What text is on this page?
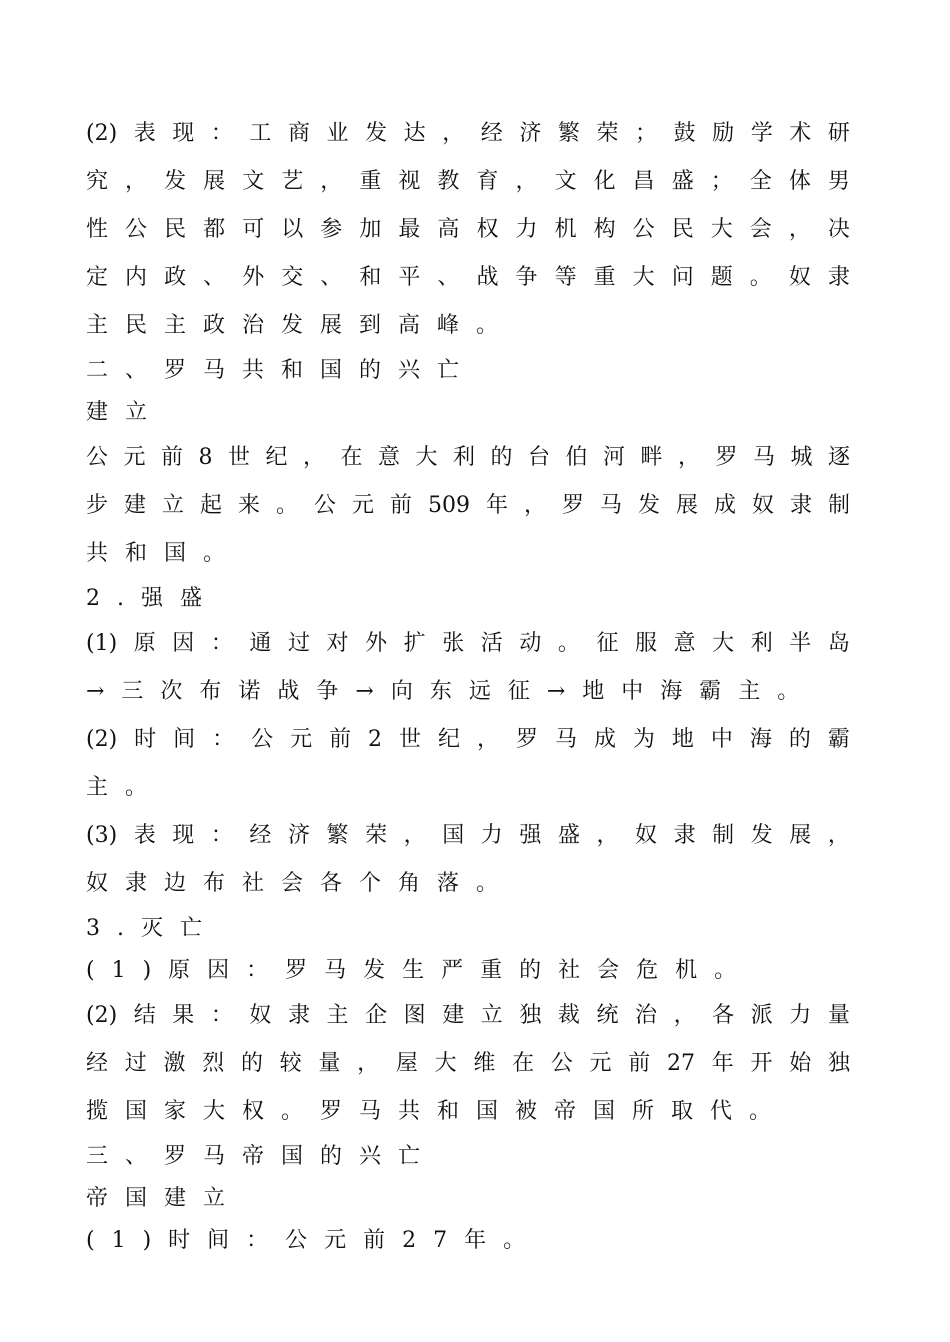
(2) 表 现 ： 工 商 业 发 达 ， 经 济 繁 荣 ； 鼓 励 学 术 研
究 ， 发 展 文 艺 ， 重 视 教 育 ， 文 化 昌 盛 ； 全 体 男
性 公 民 都 可 以 参 加 最 高 权 力 机 构 公 民 大 会 ， 决
定 内 政 、 外 交 、 和 平 、 战 争 等 重 大 问 题 。 奴 隶
主民主政治发展到高峰。
二、罗马共和国的兴亡
建立
公 元 前 8 世 纪 ， 在 意 大 利 的 台 伯 河 畔 ， 罗 马 城 逐
步 建 立 起 来 。 公 元 前 509 年 ， 罗 马 发 展 成 奴 隶 制
共和国。
2.强盛
(1) 原 因 ： 通 过 对 外 扩 张 活 动 。 征 服 意 大 利 半 岛
→三次布诺战争→向东远征→地中海霸主。
(2) 时 间 ： 公 元 前 2 世 纪 ， 罗 马 成 为 地 中 海 的 霸
主。
(3) 表 现 ： 经 济 繁 荣 ， 国 力 强 盛 ， 奴 隶 制 发 展 ，
奴隶边布社会各个角落。
3.灭亡
(1)原因：罗马发生严重的社会危机。
(2) 结 果 ： 奴 隶 主 企 图 建 立 独 裁 统 治 ， 各 派 力 量
经 过 激 烈 的 较 量 ， 屋 大 维 在 公 元 前 27 年 开 始 独
揽国家大权。罗马共和国被帝国所取代。
三、罗马帝国的兴亡
帝国建立
(1)时间：公元前27年。
